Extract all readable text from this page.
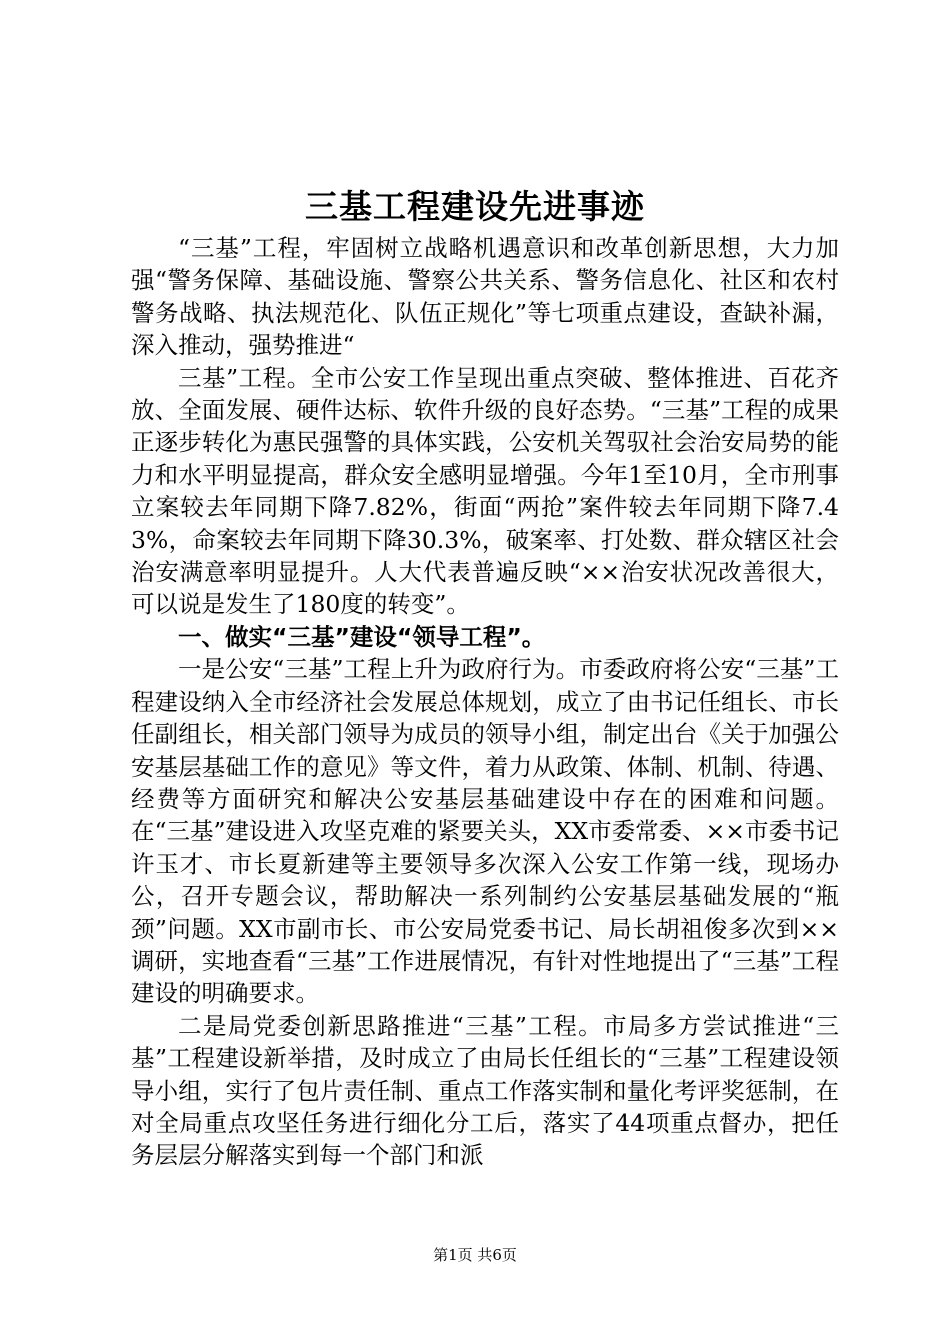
三基工程建设先进事迹

“三基”工程，牢固树立战略机遇意识和改革创新思想，大力加强“警务保障、基础设施、警察公共关系、警务信息化、社区和农村警务战略、执法规范化、队伍正规化”等七项重点建设，查缺补漏，深入推动，强势推进“

三基”工程。全市公安工作呈现出重点突破、整体推进、百花齐放、全面发展、硬件达标、软件升级的良好态势。“三基”工程的成果正逐步转化为惠民强警的具体实践，公安机关驾驭社会治安局势的能力和水平明显提高，群众安全感明显增强。今年1至10月，全市刑事立案较去年同期下降7.82%，街面“两抢”案件较去年同期下降7.43%，命案较去年同期下降30.3%，破案率、打处数、群众辖区社会治安满意率明显提升。人大代表普遍反映“××治安状况改善很大，可以说是发生了180度的转变”。

一、做实“三基”建设“领导工程”。

一是公安“三基”工程上升为政府行为。市委政府将公安“三基”工程建设纳入全市经济社会发展总体规划，成立了由书记任组长、市长任副组长，相关部门领导为成员的领导小组，制定出台《关于加强公安基层基础工作的意见》等文件，着力从政策、体制、机制、待遇、经费等方面研究和解决公安基层基础建设中存在的困难和问题。在“三基”建设进入攻坚克难的紧要关头，XX市委常委、××市委书记许玉才、市长夏新建等主要领导多次深入公安工作第一线，现场办公，召开专题会议，帮助解决一系列制约公安基层基础发展的“瓶颈”问题。XX市副市长、市公安局党委书记、局长胡祖俊多次到××调研，实地查看“三基”工作进展情况，有针对性地提出了“三基”工程建设的明确要求。

二是局党委创新思路推进“三基”工程。市局多方尝试推进“三基”工程建设新举措，及时成立了由局长任组长的“三基”工程建设领导小组，实行了包片责任制、重点工作落实制和量化考评奖惩制，在对全局重点攻坚任务进行细化分工后，落实了44项重点督办，把任务层层分解落实到每一个部门和派

第1页 共6页
